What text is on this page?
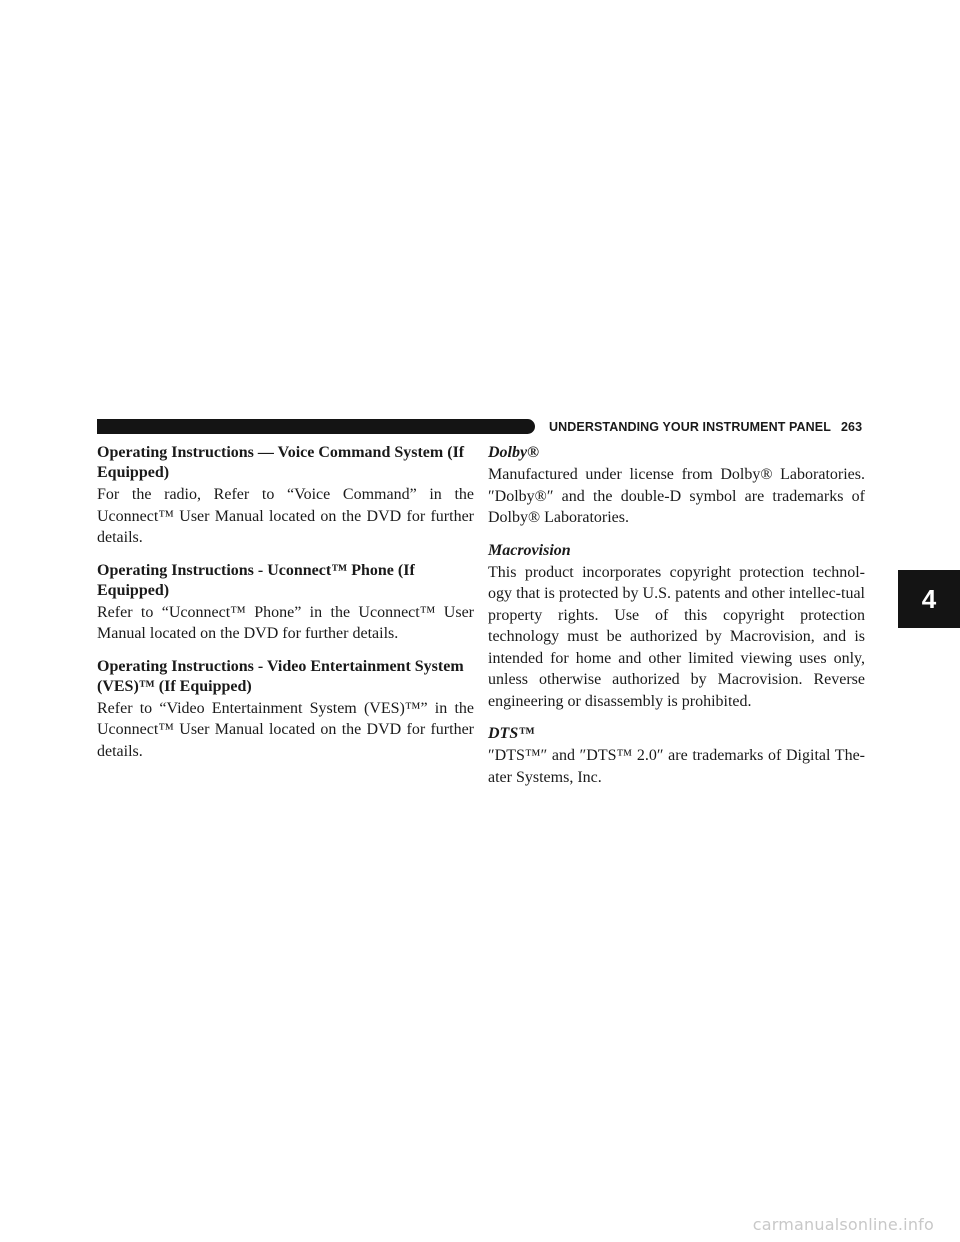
UNDERSTANDING YOUR INSTRUMENT PANEL 263
Operating Instructions — Voice Command System (If Equipped)

For the radio, Refer to “Voice Command” in the Uconnect™ User Manual located on the DVD for further details.

Operating Instructions - Uconnect™ Phone (If Equipped)

Refer to “Uconnect™ Phone” in the Uconnect™ User Manual located on the DVD for further details.

Operating Instructions - Video Entertainment System (VES)™ (If Equipped)

Refer to “Video Entertainment System (VES)™” in the Uconnect™ User Manual located on the DVD for further details.

Dolby®

Manufactured under license from Dolby® Laboratories. ″Dolby®″ and the double-D symbol are trademarks of Dolby® Laboratories.

Macrovision

This product incorporates copyright protection technol-ogy that is protected by U.S. patents and other intellec-tual property rights. Use of this copyright protection technology must be authorized by Macrovision, and is intended for home and other limited viewing uses only, unless otherwise authorized by Macrovision. Reverse engineering or disassembly is prohibited.

DTS™

″DTS™″ and ″DTS™ 2.0″ are trademarks of Digital The-ater Systems, Inc.

4
carmanualsonline.info
